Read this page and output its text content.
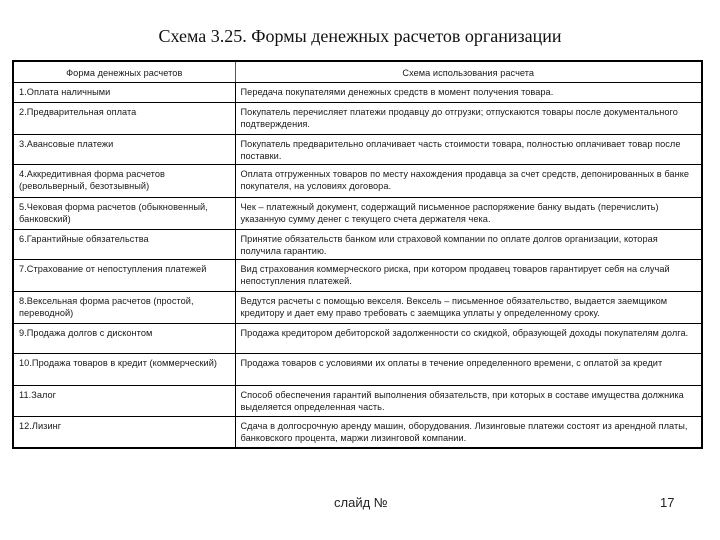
Схема 3.25. Формы денежных расчетов организации
Форма денежных расчетов	Схема использования расчета
1.Оплата наличными	Передача покупателями денежных средств в момент получения товара.
2.Предварительная оплата	Покупатель перечисляет платежи продавцу до отгрузки; отпускаются товары после документального подтверждения.
3.Авансовые платежи	Покупатель предварительно оплачивает часть стоимости товара, полностью оплачивает товар после поставки.
4.Аккредитивная форма расчетов (револьверный, безотзывный)	Оплата отгруженных товаров по месту нахождения продавца за счет средств, депонированных в банке покупателя, на условиях договора.
5.Чековая форма расчетов (обыкновенный, банковский)	Чек – платежный документ, содержащий письменное распоряжение банку выдать (перечислить) указанную сумму денег с текущего счета держателя чека.
6.Гарантийные обязательства	Принятие обязательств банком или страховой компании по оплате долгов организации, которая получила гарантию.
7.Страхование от непоступления платежей	Вид страхования коммерческого риска, при котором продавец товаров гарантирует себя на случай непоступления платежей.
8.Вексельная форма расчетов (простой, переводной)	Ведутся расчеты с помощью векселя. Вексель – письменное обязательство, выдается заемщиком кредитору и дает ему право требовать с заемщика уплаты у определенному сроку.
9.Продажа долгов с дисконтом	Продажа кредитором дебиторской задолженности со скидкой, образующей доходы покупателям долга.
10.Продажа товаров в кредит (коммерческий)	Продажа товаров с условиями их оплаты в течение определенного времени, с оплатой за кредит
11.Залог	Способ обеспечения гарантий выполнения обязательств, при которых в составе имущества должника выделяется определенная часть.
12.Лизинг	Сдача в долгосрочную аренду машин, оборудования. Лизинговые платежи состоят из арендной платы, банковского процента, маржи лизинговой компании.
слайд №	17
